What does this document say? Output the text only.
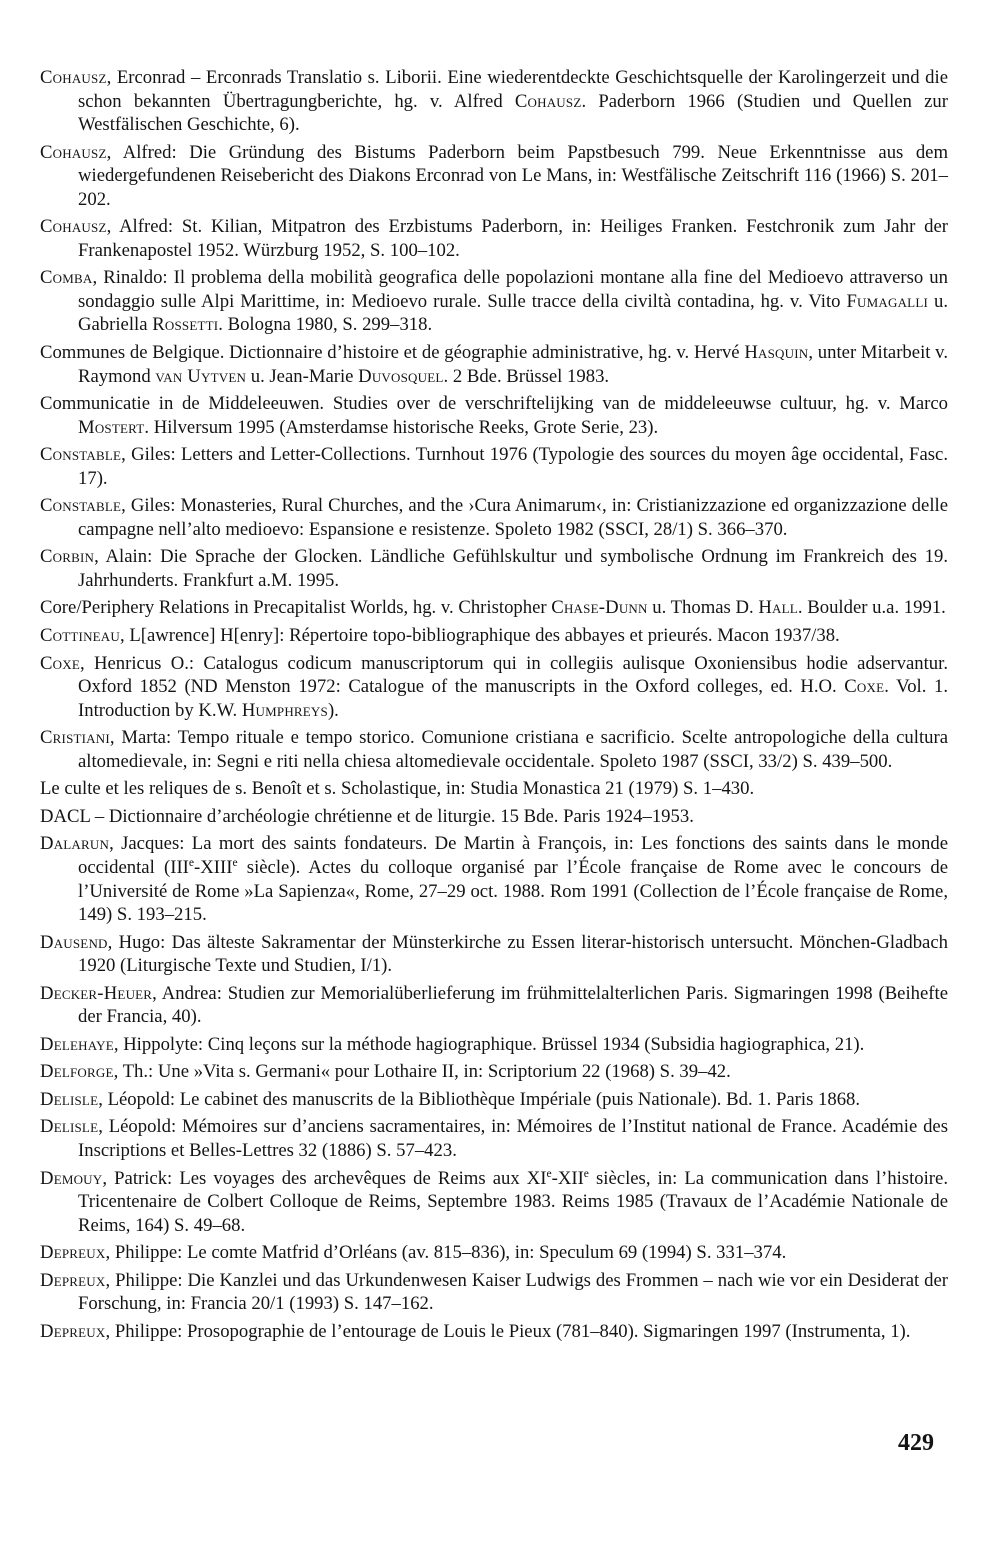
Cohausz, Erconrad – Erconrads Translatio s. Liborii. Eine wiederentdeckte Geschichtsquelle der Karolingerzeit und die schon bekannten Übertragungberichte, hg. v. Alfred Cohausz. Paderborn 1966 (Studien und Quellen zur Westfälischen Geschichte, 6).

Cohausz, Alfred: Die Gründung des Bistums Paderborn beim Papstbesuch 799. Neue Erkenntnisse aus dem wiedergefundenen Reisebericht des Diakons Erconrad von Le Mans, in: Westfälische Zeitschrift 116 (1966) S. 201–202.

Cohausz, Alfred: St. Kilian, Mitpatron des Erzbistums Paderborn, in: Heiliges Franken. Festchronik zum Jahr der Frankenapostel 1952. Würzburg 1952, S. 100–102.

Comba, Rinaldo: Il problema della mobilità geografica delle popolazioni montane alla fine del Medioevo attraverso un sondaggio sulle Alpi Marittime, in: Medioevo rurale. Sulle tracce della civiltà contadina, hg. v. Vito Fumagalli u. Gabriella Rossetti. Bologna 1980, S. 299–318.

Communes de Belgique. Dictionnaire d’histoire et de géographie administrative, hg. v. Hervé Hasquin, unter Mitarbeit v. Raymond van Uytven u. Jean-Marie Duvosquel. 2 Bde. Brüssel 1983.

Communicatie in de Middeleeuwen. Studies over de verschriftelijking van de middeleeuwse cultuur, hg. v. Marco Mostert. Hilversum 1995 (Amsterdamse historische Reeks, Grote Serie, 23).

Constable, Giles: Letters and Letter-Collections. Turnhout 1976 (Typologie des sources du moyen âge occidental, Fasc. 17).

Constable, Giles: Monasteries, Rural Churches, and the ›Cura Animarum‹, in: Cristianizzazione ed organizzazione delle campagne nell’alto medioevo: Espansione e resistenze. Spoleto 1982 (SSCI, 28/1) S. 366–370.

Corbin, Alain: Die Sprache der Glocken. Ländliche Gefühlskultur und symbolische Ordnung im Frankreich des 19. Jahrhunderts. Frankfurt a.M. 1995.

Core/Periphery Relations in Precapitalist Worlds, hg. v. Christopher Chase-Dunn u. Thomas D. Hall. Boulder u.a. 1991.

Cottineau, L[awrence] H[enry]: Répertoire topo-bibliographique des abbayes et prieurés. Macon 1937/38.

Coxe, Henricus O.: Catalogus codicum manuscriptorum qui in collegiis aulisque Oxoniensibus hodie adservantur. Oxford 1852 (ND Menston 1972: Catalogue of the manuscripts in the Oxford colleges, ed. H.O. Coxe. Vol. 1. Introduction by K.W. Humphreys).

Cristiani, Marta: Tempo rituale e tempo storico. Comunione cristiana e sacrificio. Scelte antropologiche della cultura altomedievale, in: Segni e riti nella chiesa altomedievale occidentale. Spoleto 1987 (SSCI, 33/2) S. 439–500.

Le culte et les reliques de s. Benoît et s. Scholastique, in: Studia Monastica 21 (1979) S. 1–430.

DACL – Dictionnaire d’archéologie chrétienne et de liturgie. 15 Bde. Paris 1924–1953.

Dalarun, Jacques: La mort des saints fondateurs. De Martin à François, in: Les fonctions des saints dans le monde occidental (IIIe-XIIIe siècle). Actes du colloque organisé par l’École française de Rome avec le concours de l’Université de Rome »La Sapienza«, Rome, 27–29 oct. 1988. Rom 1991 (Collection de l’École française de Rome, 149) S. 193–215.

Dausend, Hugo: Das älteste Sakramentar der Münsterkirche zu Essen literar-historisch untersucht. Mönchen-Gladbach 1920 (Liturgische Texte und Studien, I/1).

Decker-Heuer, Andrea: Studien zur Memorialüberlieferung im frühmittelalterlichen Paris. Sigmaringen 1998 (Beihefte der Francia, 40).

Delehaye, Hippolyte: Cinq leçons sur la méthode hagiographique. Brüssel 1934 (Subsidia hagiographica, 21).

Delforge, Th.: Une »Vita s. Germani« pour Lothaire II, in: Scriptorium 22 (1968) S. 39–42.

Delisle, Léopold: Le cabinet des manuscrits de la Bibliothèque Impériale (puis Nationale). Bd. 1. Paris 1868.

Delisle, Léopold: Mémoires sur d’anciens sacramentaires, in: Mémoires de l’Institut national de France. Académie des Inscriptions et Belles-Lettres 32 (1886) S. 57–423.

Demouy, Patrick: Les voyages des archevêques de Reims aux XIe-XIIe siècles, in: La communication dans l’histoire. Tricentenaire de Colbert Colloque de Reims, Septembre 1983. Reims 1985 (Travaux de l’Académie Nationale de Reims, 164) S. 49–68.

Depreux, Philippe: Le comte Matfrid d’Orléans (av. 815–836), in: Speculum 69 (1994) S. 331–374.

Depreux, Philippe: Die Kanzlei und das Urkundenwesen Kaiser Ludwigs des Frommen – nach wie vor ein Desiderat der Forschung, in: Francia 20/1 (1993) S. 147–162.

Depreux, Philippe: Prosopographie de l’entourage de Louis le Pieux (781–840). Sigmaringen 1997 (Instrumenta, 1).

429
